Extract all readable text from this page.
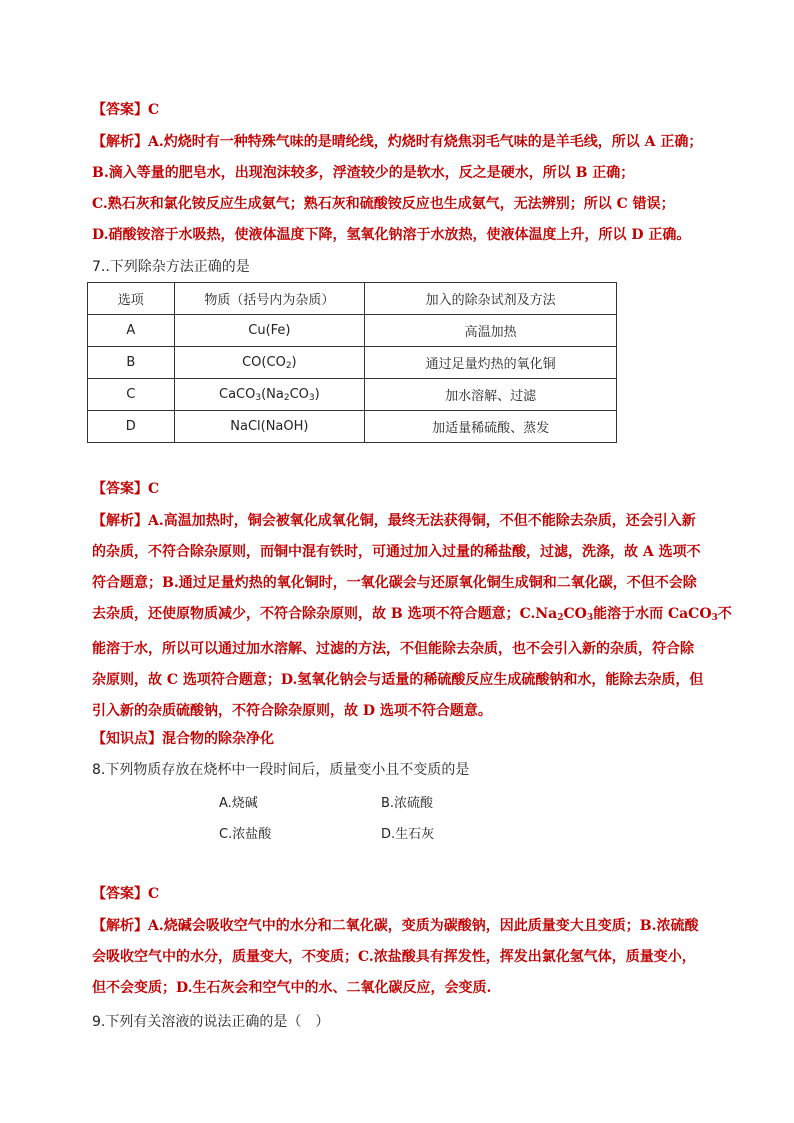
【答案】C

【解析】A.灼烧时有一种特殊气味的是晴纶线，灼烧时有烧焦羽毛气味的是羊毛线，所以 A 正确；

B.滴入等量的肥皂水，出现泡沫较多，浮渣较少的是软水，反之是硬水，所以 B 正确；

C.熟石灰和氯化铵反应生成氨气；熟石灰和硫酸铵反应也生成氨气，无法辨别；所以 C 错误；

D.硝酸铵溶于水吸热，使液体温度下降，氢氧化钠溶于水放热，使液体温度上升，所以 D 正确。

7..下列除杂方法正确的是
选项	物质（括号内为杂质）	加入的除杂试剂及方法
A	Cu(Fe)	高温加热
B	$CO(CO_2)$	通过足量灼热的氧化铜
C	$CaCO_3(Na_2CO_3)$	加水溶解、过滤
D	NaCl(NaOH)	加适量稀硫酸、蒸发
【答案】C

【解析】A.高温加热时，铜会被氧化成氧化铜，最终无法获得铜，不但不能除去杂质，还会引入新

的杂质，不符合除杂原则，而铜中混有铁时，可通过加入过量的稀盐酸，过滤，洗涤，故 A 选项不

符合题意；B.通过足量灼热的氧化铜时，一氧化碳会与还原氧化铜生成铜和二氧化碳，不但不会除

去杂质，还使原物质减少，不符合除杂原则，故 B 选项不符合题意；$C.Na_2CO_3$能溶于水而 CaCO$_3$不

能溶于水，所以可以通过加水溶解、过滤的方法，不但能除去杂质，也不会引入新的杂质，符合除

杂原则，故 C 选项符合题意；D.氢氧化钠会与适量的稀硫酸反应生成硫酸钠和水，能除去杂质，但

引入新的杂质硫酸钠，不符合除杂原则，故 D 选项不符合题意。

【知识点】混合物的除杂净化
8.下列物质存放在烧杯中一段时间后，质量变小且不变质的是
A.烧碱	B.浓硫酸
C.浓盐酸	D.生石灰
【答案】C

【解析】A.烧碱会吸收空气中的水分和二氧化碳，变质为碳酸钠，因此质量变大且变质；B.浓硫酸

会吸收空气中的水分，质量变大，不变质；C.浓盐酸具有挥发性，挥发出氯化氢气体，质量变小，

但不会变质；D.生石灰会和空气中的水、二氧化碳反应，会变质.

9.下列有关溶液的说法正确的是（　）
